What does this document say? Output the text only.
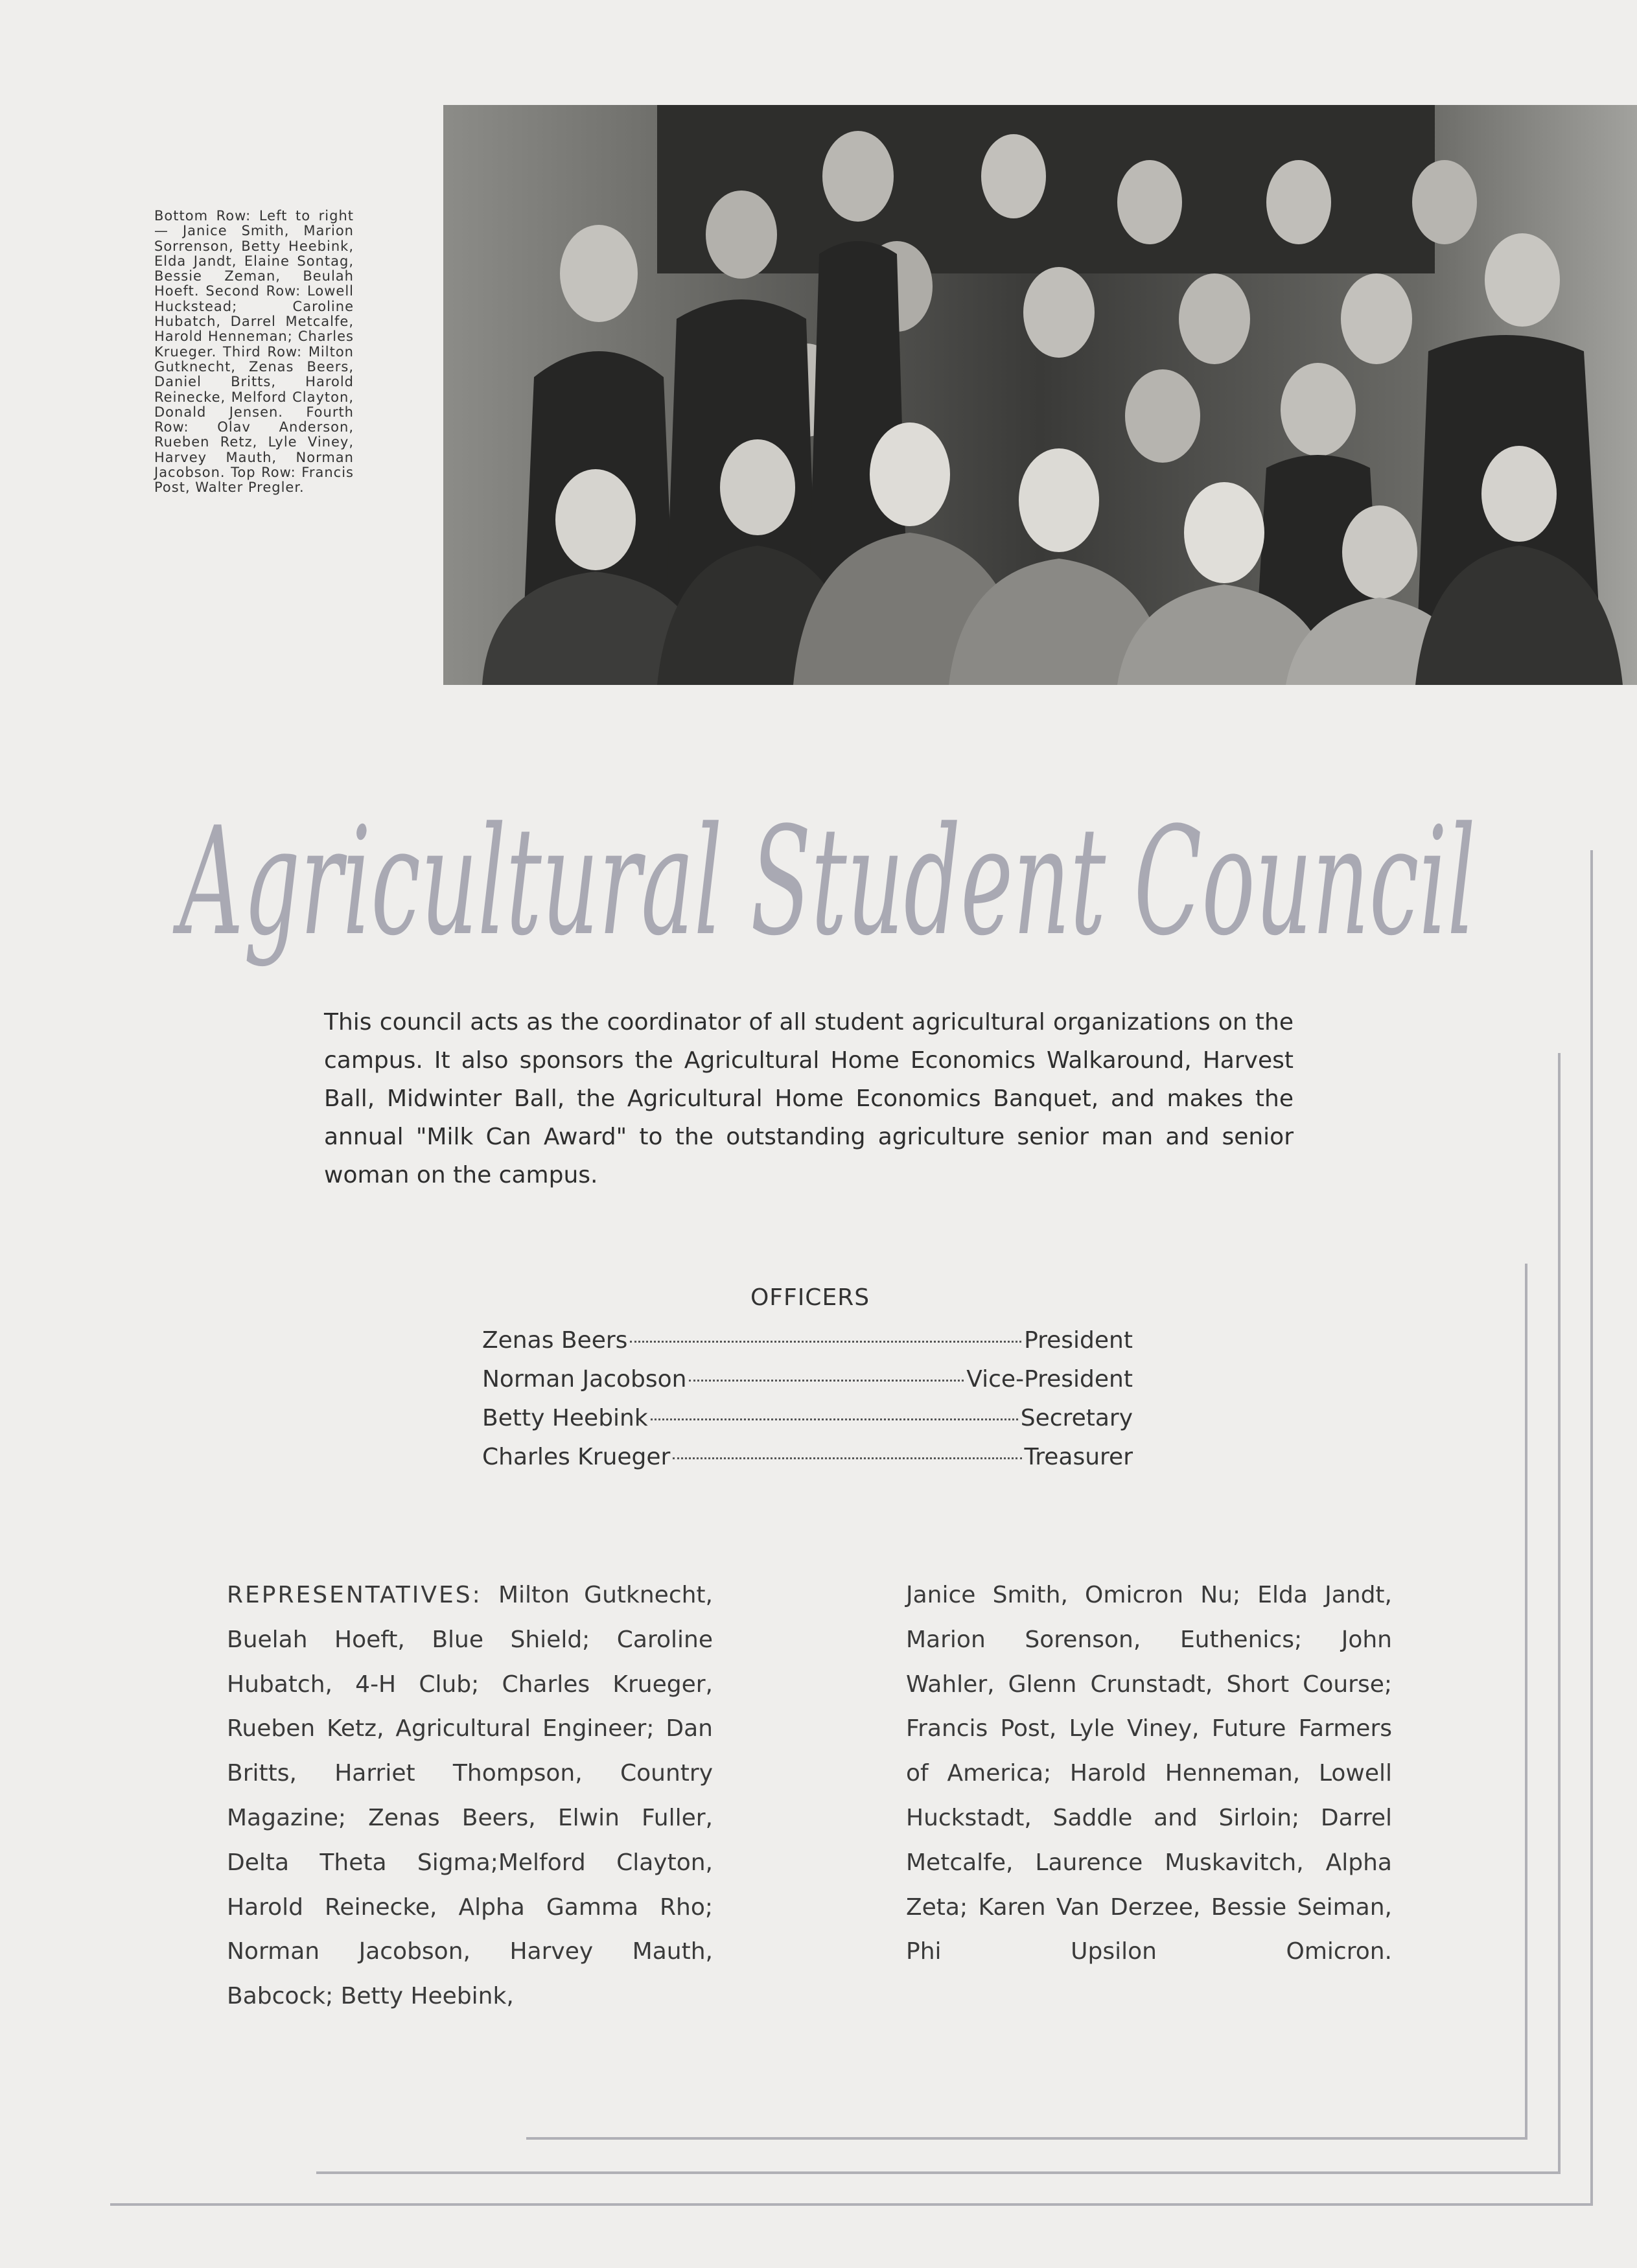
Bottom Row: Left to right — Janice Smith, Marion Sorrenson, Betty Heebink, Elda Jandt, Elaine Sontag, Bessie Zeman, Beulah Hoeft. Second Row: Lowell Huckstead; Caroline Hubatch, Darrel Metcalfe, Harold Henneman; Charles Krueger. Third Row: Milton Gutknecht, Zenas Beers, Daniel Britts, Harold Reinecke, Melford Clayton, Donald Jensen. Fourth Row: Olav Anderson, Rueben Retz, Lyle Viney, Harvey Mauth, Norman Jacobson. Top Row: Francis Post, Walter Pregler.
Agricultural Student Council

This council acts as the coordinator of all student agricultural organizations on the campus. It also sponsors the Agricultural Home Economics Walkaround, Harvest Ball, Midwinter Ball, the Agricultural Home Economics Banquet, and makes the annual "Milk Can Award" to the outstanding agriculture senior man and senior woman on the campus.

OFFICERS
Zenas Beers	President
Norman Jacobson	Vice-President
Betty Heebink	Secretary
Charles Krueger	Treasurer
REPRESENTATIVES: Milton Gutknecht, Buelah Hoeft, Blue Shield; Caroline Hubatch, 4-H Club; Charles Krueger, Rueben Ketz, Agricultural Engineer; Dan Britts, Harriet Thompson, Country Magazine; Zenas Beers, Elwin Fuller, Delta Theta Sigma;Melford Clayton, Harold Reinecke, Alpha Gamma Rho; Norman Jacobson, Harvey Mauth, Babcock; Betty Heebink,
Janice Smith, Omicron Nu; Elda Jandt, Marion Sorenson, Euthenics; John Wahler, Glenn Crunstadt, Short Course; Francis Post, Lyle Viney, Future Farmers of America; Harold Henneman, Lowell Huckstadt, Saddle and Sirloin; Darrel Metcalfe, Laurence Muskavitch, Alpha Zeta; Karen Van Derzee, Bessie Seiman, Phi Upsilon Omicron.
